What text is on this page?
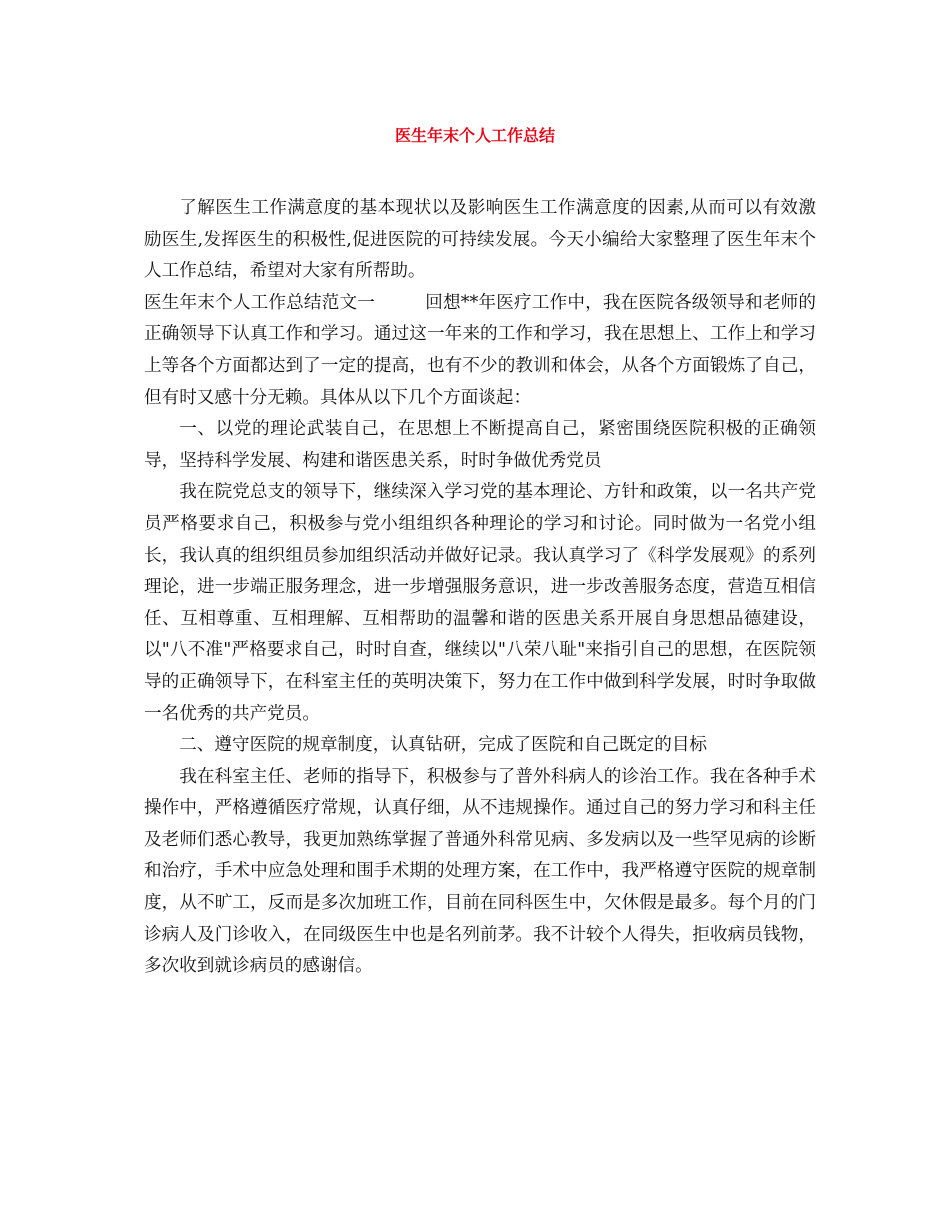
医生年末个人工作总结

了解医生工作满意度的基本现状以及影响医生工作满意度的因素,从而可以有效激励医生,发挥医生的积极性,促进医院的可持续发展。今天小编给大家整理了医生年末个人工作总结，希望对大家有所帮助。

医生年末个人工作总结范文一	回想**年医疗工作中，我在医院各级领导和老师的正确领导下认真工作和学习。通过这一年来的工作和学习，我在思想上、工作上和学习上等各个方面都达到了一定的提高，也有不少的教训和体会，从各个方面锻炼了自己，但有时又感十分无赖。具体从以下几个方面谈起：

一、以党的理论武装自己，在思想上不断提高自己，紧密围绕医院积极的正确领导，坚持科学发展、构建和谐医患关系，时时争做优秀党员

我在院党总支的领导下，继续深入学习党的基本理论、方针和政策，以一名共产党员严格要求自己，积极参与党小组组织各种理论的学习和讨论。同时做为一名党小组长，我认真的组织组员参加组织活动并做好记录。我认真学习了《科学发展观》的系列理论，进一步端正服务理念，进一步增强服务意识，进一步改善服务态度，营造互相信任、互相尊重、互相理解、互相帮助的温馨和谐的医患关系开展自身思想品德建设，以"八不准"严格要求自己，时时自查，继续以"八荣八耻"来指引自己的思想，在医院领导的正确领导下，在科室主任的英明决策下，努力在工作中做到科学发展，时时争取做一名优秀的共产党员。

二、遵守医院的规章制度，认真钻研，完成了医院和自己既定的目标

我在科室主任、老师的指导下，积极参与了普外科病人的诊治工作。我在各种手术操作中，严格遵循医疗常规，认真仔细，从不违规操作。通过自己的努力学习和科主任及老师们悉心教导，我更加熟练掌握了普通外科常见病、多发病以及一些罕见病的诊断和治疗，手术中应急处理和围手术期的处理方案，在工作中，我严格遵守医院的规章制度，从不旷工，反而是多次加班工作，目前在同科医生中，欠休假是最多。每个月的门诊病人及门诊收入，在同级医生中也是名列前茅。我不计较个人得失，拒收病员钱物，多次收到就诊病员的感谢信。
